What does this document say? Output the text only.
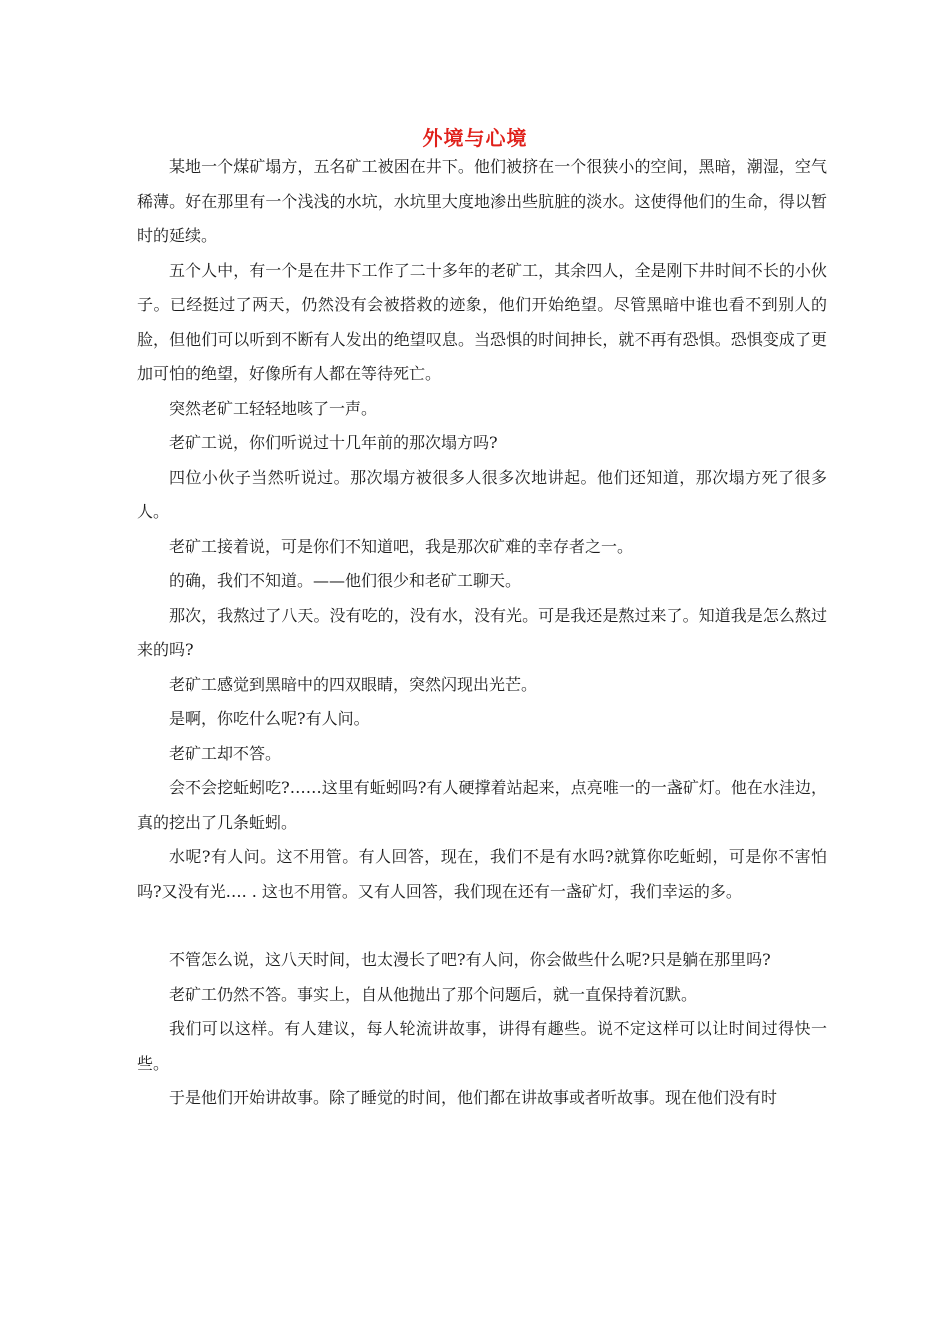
外境与心境

某地一个煤矿塌方，五名矿工被困在井下。他们被挤在一个很狭小的空间，黑暗，潮湿，空气稀薄。好在那里有一个浅浅的水坑，水坑里大度地渗出些肮脏的淡水。这使得他们的生命，得以暂时的延续。

五个人中，有一个是在井下工作了二十多年的老矿工，其余四人，全是刚下井时间不长的小伙子。已经挺过了两天，仍然没有会被搭救的迹象，他们开始绝望。尽管黑暗中谁也看不到别人的脸，但他们可以听到不断有人发出的绝望叹息。当恐惧的时间抻长，就不再有恐惧。恐惧变成了更加可怕的绝望，好像所有人都在等待死亡。

突然老矿工轻轻地咳了一声。

老矿工说，你们听说过十几年前的那次塌方吗?

四位小伙子当然听说过。那次塌方被很多人很多次地讲起。他们还知道，那次塌方死了很多人。

老矿工接着说，可是你们不知道吧，我是那次矿难的幸存者之一。

的确，我们不知道。——他们很少和老矿工聊天。

那次，我熬过了八天。没有吃的，没有水，没有光。可是我还是熬过来了。知道我是怎么熬过来的吗?

老矿工感觉到黑暗中的四双眼睛，突然闪现出光芒。

是啊，你吃什么呢?有人问。

老矿工却不答。

会不会挖蚯蚓吃?……这里有蚯蚓吗?有人硬撑着站起来，点亮唯一的一盏矿灯。他在水洼边，真的挖出了几条蚯蚓。

水呢?有人问。这不用管。有人回答，现在，我们不是有水吗?就算你吃蚯蚓，可是你不害怕吗?又没有光…. . 这也不用管。又有人回答，我们现在还有一盏矿灯，我们幸运的多。

不管怎么说，这八天时间，也太漫长了吧?有人问，你会做些什么呢?只是躺在那里吗?

老矿工仍然不答。事实上，自从他抛出了那个问题后，就一直保持着沉默。

我们可以这样。有人建议，每人轮流讲故事，讲得有趣些。说不定这样可以让时间过得快一些。

于是他们开始讲故事。除了睡觉的时间，他们都在讲故事或者听故事。现在他们没有时
